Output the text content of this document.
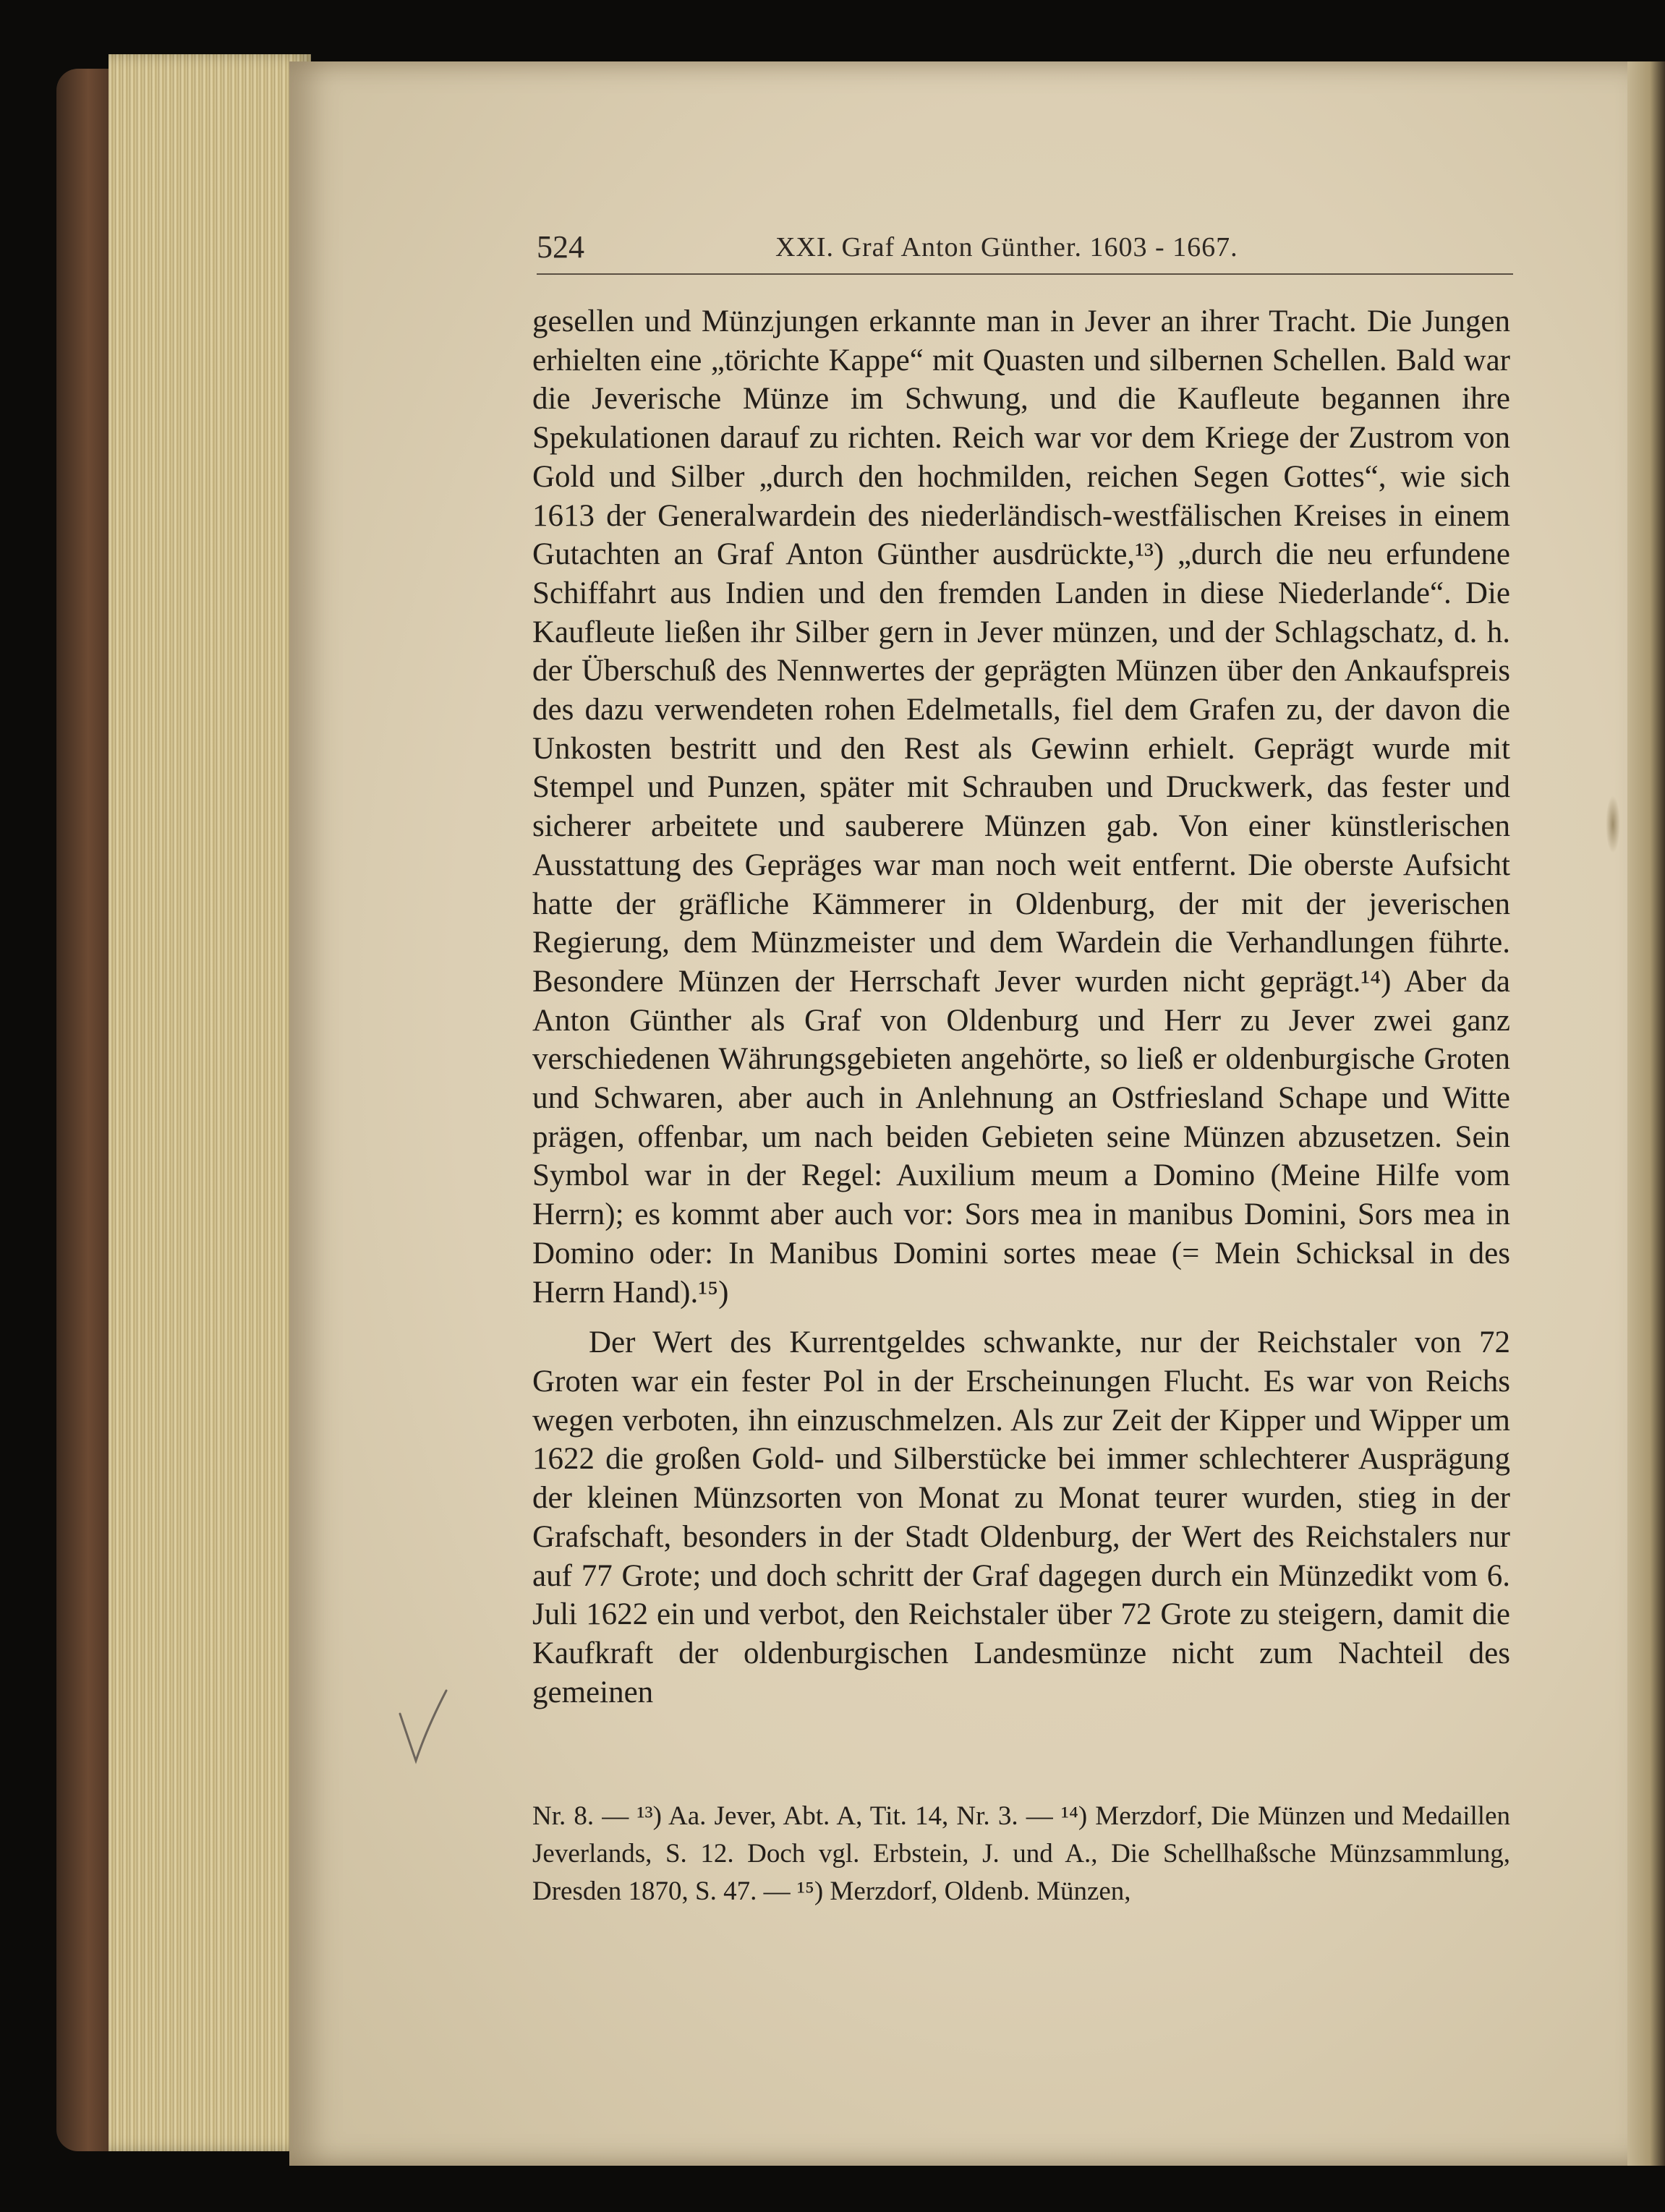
524	XXI. Graf Anton Günther. 1603 - 1667.

gesellen und Münzjungen erkannte man in Jever an ihrer Tracht. Die Jungen erhielten eine „törichte Kappe“ mit Quasten und silbernen Schellen. Bald war die Jeverische Münze im Schwung, und die Kaufleute begannen ihre Spekulationen darauf zu richten. Reich war vor dem Kriege der Zustrom von Gold und Silber „durch den hochmilden, reichen Segen Gottes“, wie sich 1613 der Generalwardein des niederländisch-westfälischen Kreises in einem Gutachten an Graf Anton Günther ausdrückte,¹³) „durch die neu erfundene Schiffahrt aus Indien und den fremden Landen in diese Niederlande“. Die Kaufleute ließen ihr Silber gern in Jever münzen, und der Schlagschatz, d. h. der Überschuß des Nennwertes der geprägten Münzen über den Ankaufspreis des dazu verwendeten rohen Edelmetalls, fiel dem Grafen zu, der davon die Unkosten bestritt und den Rest als Gewinn erhielt. Geprägt wurde mit Stempel und Punzen, später mit Schrauben und Druckwerk, das fester und sicherer arbeitete und sauberere Münzen gab. Von einer künstlerischen Ausstattung des Gepräges war man noch weit entfernt. Die oberste Aufsicht hatte der gräfliche Kämmerer in Oldenburg, der mit der jeverischen Regierung, dem Münzmeister und dem Wardein die Verhandlungen führte. Besondere Münzen der Herrschaft Jever wurden nicht geprägt.¹⁴) Aber da Anton Günther als Graf von Oldenburg und Herr zu Jever zwei ganz verschiedenen Währungsgebieten angehörte, so ließ er oldenburgische Groten und Schwaren, aber auch in Anlehnung an Ostfriesland Schape und Witte prägen, offenbar, um nach beiden Gebieten seine Münzen abzusetzen. Sein Symbol war in der Regel: Auxilium meum a Domino (Meine Hilfe vom Herrn); es kommt aber auch vor: Sors mea in manibus Domini, Sors mea in Domino oder: In Manibus Domini sortes meae (= Mein Schicksal in des Herrn Hand).¹⁵)

Der Wert des Kurrentgeldes schwankte, nur der Reichstaler von 72 Groten war ein fester Pol in der Erscheinungen Flucht. Es war von Reichs wegen verboten, ihn einzuschmelzen. Als zur Zeit der Kipper und Wipper um 1622 die großen Gold- und Silberstücke bei immer schlechterer Ausprägung der kleinen Münzsorten von Monat zu Monat teurer wurden, stieg in der Grafschaft, besonders in der Stadt Oldenburg, der Wert des Reichstalers nur auf 77 Grote; und doch schritt der Graf dagegen durch ein Münzedikt vom 6. Juli 1622 ein und verbot, den Reichstaler über 72 Grote zu steigern, damit die Kaufkraft der oldenburgischen Landesmünze nicht zum Nachteil des gemeinen

Nr. 8. — ¹³) Aa. Jever, Abt. A, Tit. 14, Nr. 3. — ¹⁴) Merzdorf, Die Münzen und Medaillen Jeverlands, S. 12. Doch vgl. Erbstein, J. und A., Die Schellhaßsche Münzsammlung, Dresden 1870, S. 47. — ¹⁵) Merzdorf, Oldenb. Münzen,
